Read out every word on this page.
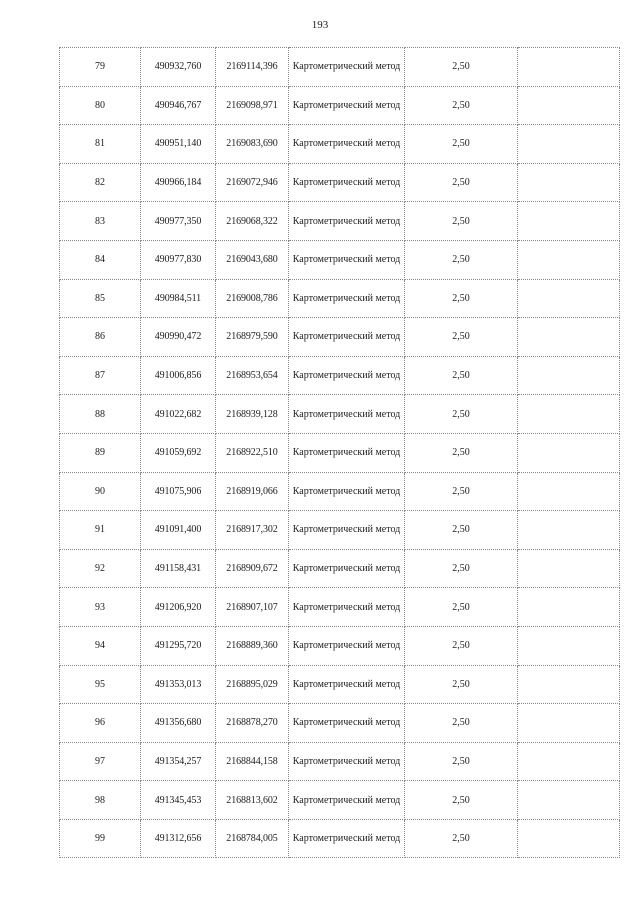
193
79	490932,760	2169114,396	Картометрический метод	2,50	
80	490946,767	2169098,971	Картометрический метод	2,50	
81	490951,140	2169083,690	Картометрический метод	2,50	
82	490966,184	2169072,946	Картометрический метод	2,50	
83	490977,350	2169068,322	Картометрический метод	2,50	
84	490977,830	2169043,680	Картометрический метод	2,50	
85	490984,511	2169008,786	Картометрический метод	2,50	
86	490990,472	2168979,590	Картометрический метод	2,50	
87	491006,856	2168953,654	Картометрический метод	2,50	
88	491022,682	2168939,128	Картометрический метод	2,50	
89	491059,692	2168922,510	Картометрический метод	2,50	
90	491075,906	2168919,066	Картометрический метод	2,50	
91	491091,400	2168917,302	Картометрический метод	2,50	
92	491158,431	2168909,672	Картометрический метод	2,50	
93	491206,920	2168907,107	Картометрический метод	2,50	
94	491295,720	2168889,360	Картометрический метод	2,50	
95	491353,013	2168895,029	Картометрический метод	2,50	
96	491356,680	2168878,270	Картометрический метод	2,50	
97	491354,257	2168844,158	Картометрический метод	2,50	
98	491345,453	2168813,602	Картометрический метод	2,50	
99	491312,656	2168784,005	Картометрический метод	2,50	
